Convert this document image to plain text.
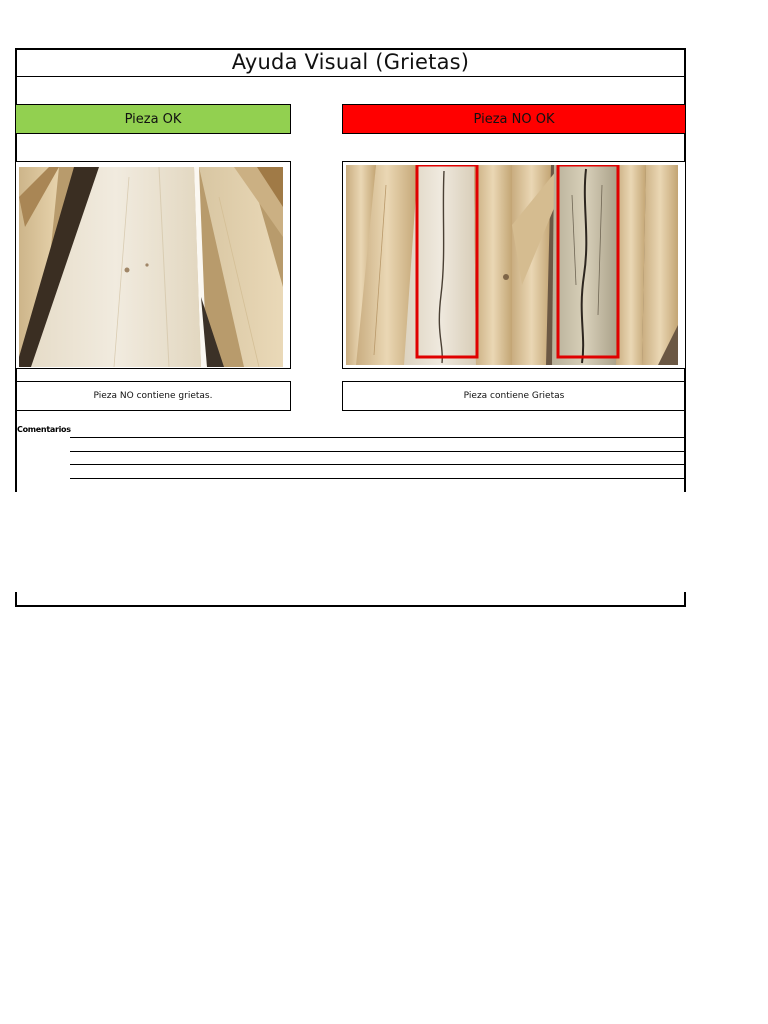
Ayuda Visual (Grietas)
Pieza OK	Pieza NO OK
Pieza NO contiene grietas.	Pieza contiene Grietas
Comentarios
